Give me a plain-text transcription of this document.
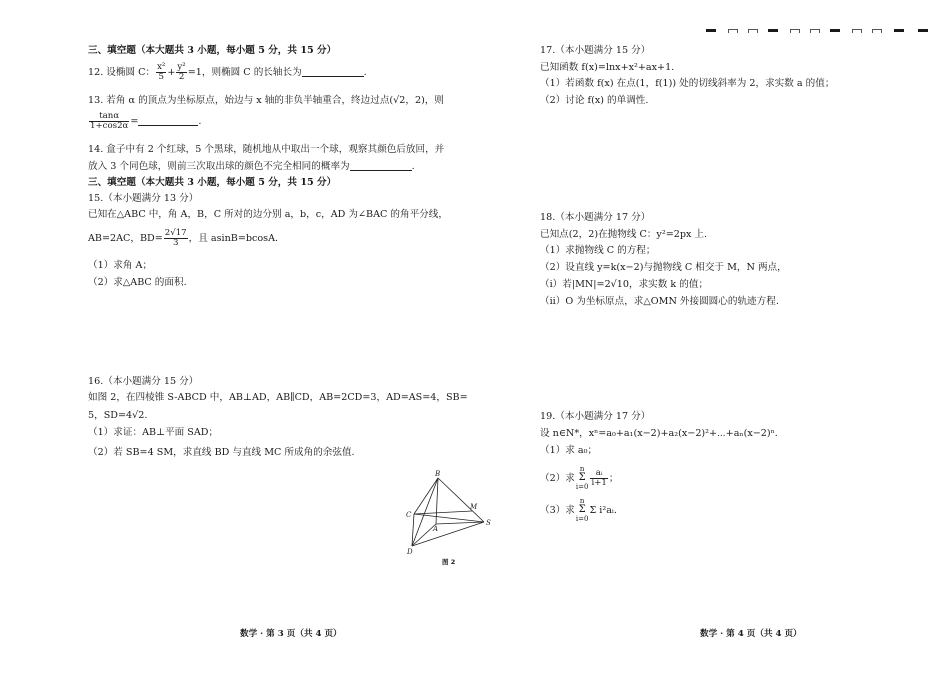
三、填空题（本大题共 3 小题，每小题 5 分，共 15 分）
12. 设椭圆 C： $\frac{\text{x²}}{5} + \frac{\text{y²}}{2} =1$，则椭圆 C 的长轴长为	.
13. 若角 α 的顶点为坐标原点，始边与 x 轴的非负半轴重合，终边过点(√2，2)，则
$\frac{\tan\alpha}{1+\cos 2\alpha}$ =	.
14. 盒子中有 2 个红球，5 个黑球，随机地从中取出一个球，观察其颜色后放回，并
放入 3 个同色球，则前三次取出球的颜色不完全相同的概率为	.
三、填空题（本大题共 3 小题，每小题 5 分，共 15 分）
15.（本小题满分 13 分）
已知在△ABC 中，角 A，B，C 所对的边分别 a，b，c，AD 为∠BAC 的角平分线，
AB=2AC，$BD= \frac{2√17}{3}$ ，且 asinB=bcosA.
（1）求角 A；
（2）求△ABC 的面积.
16.（本小题满分 15 分）
如图 2，在四棱锥 S-ABCD 中，AB⊥AD，AB∥CD，AB=2CD=3，AD=AS=4，SB=
5，SD=4√2.
（1）求证：AB⊥平面 SAD；
（2）若 SB=4 SM，求直线 BD 与直线 MC 所成角的余弦值.
B
C
A
D
M
S
图 2
数学 · 第 3 页（共 4 页）
17.（本小题满分 15 分）
已知函数 f(x)=lnx+x²+ax+1.
（1）若函数 f(x) 在点(1，f(1)) 处的切线斜率为 2，求实数 a 的值；
（2）讨论 f(x) 的单调性.
18.（本小题满分 17 分）
已知点(2，2)在抛物线 C：y²=2px 上.
（1）求抛物线 C 的方程；
（2）设直线 y=k(x−2)与抛物线 C 相交于 M，N 两点，
（i）若|MN|=2√10，求实数 k 的值；
（ii）O 为坐标原点，求△OMN 外接圆圆心的轨迹方程.
19.（本小题满分 17 分）
设 n∈N*，xⁿ=a₀+a₁(x−2)+a₂(x−2)²+⋯+aₙ(x−2)ⁿ.
（1）求 a₀；
（2）求
n
Σ
$i=0 \frac{\text{aᵢ}}{i+1}$ ；
（3）求
n
Σ
i=0
Σ i²aᵢ.
数学 · 第 4 页（共 4 页）
